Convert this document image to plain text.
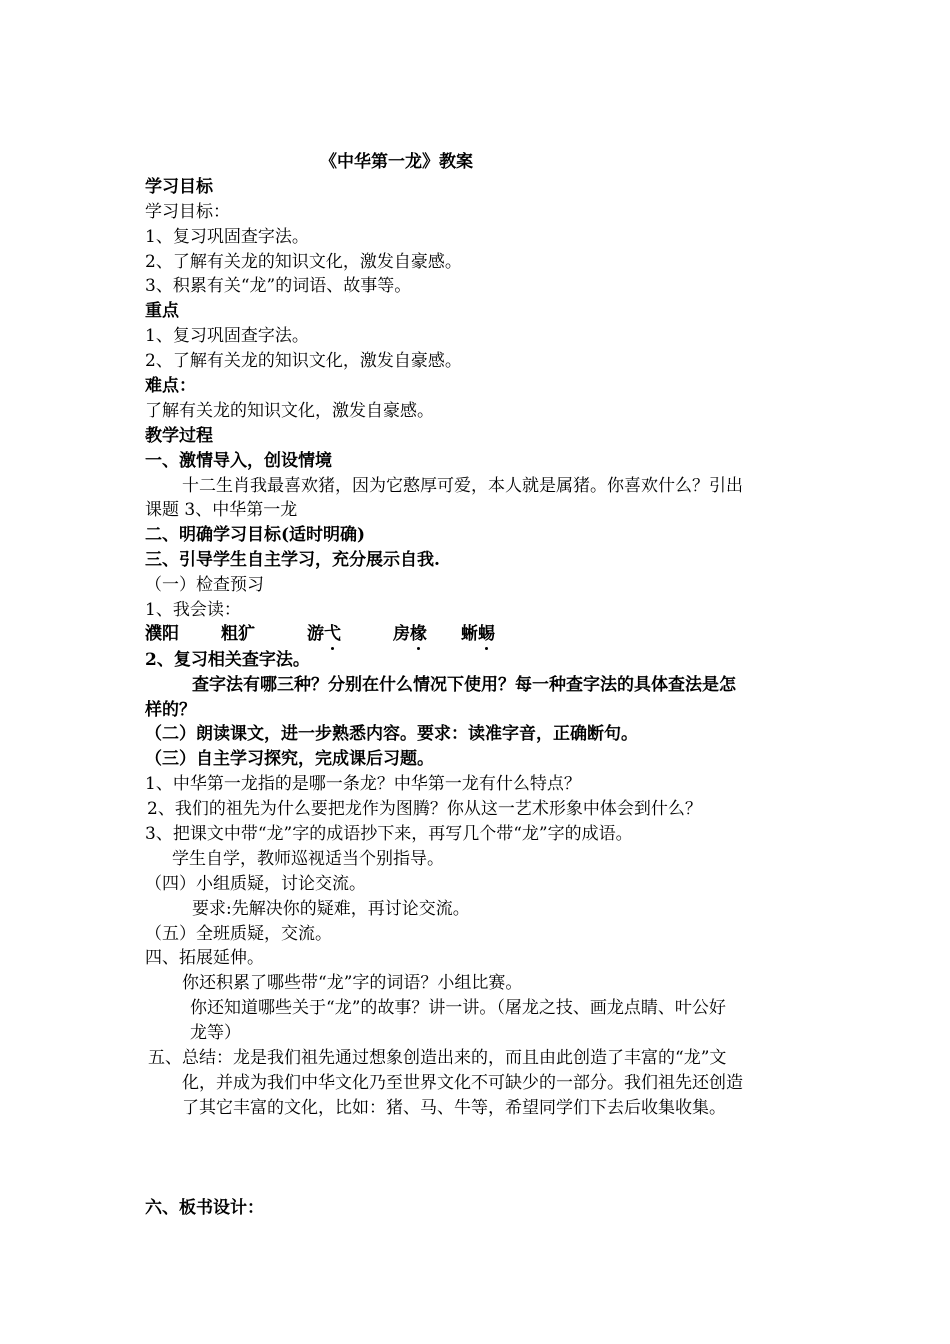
《中华第一龙》教案
学习目标
学习目标：
1、复习巩固查字法。
2、了解有关龙的知识文化，激发自豪感。
3、积累有关“龙”的词语、故事等。
重点
1、复习巩固查字法。
2、了解有关龙的知识文化，激发自豪感。
难点：
了解有关龙的知识文化，激发自豪感。
教学过程
一、激情导入，创设情境
十二生肖我最喜欢猪，因为它憨厚可爱，本人就是属猪。你喜欢什么？引出
课题 3、中华第一龙
二、明确学习目标(适时明确)
三、引导学生自主学习，充分展示自我.
（一）检查预习
1、我会读：
濮阳 粗犷	游弋	房椽 蜥蜴
2、复习相关查字法。
查字法有哪三种？分别在什么情况下使用？每一种查字法的具体查法是怎
样的？
（二）朗读课文，进一步熟悉内容。要求：读准字音，正确断句。
（三）自主学习探究，完成课后习题。
1、中华第一龙指的是哪一条龙？中华第一龙有什么特点？
2、我们的祖先为什么要把龙作为图腾？你从这一艺术形象中体会到什么？
3、把课文中带“龙”字的成语抄下来，再写几个带“龙”字的成语。
学生自学，教师巡视适当个别指导。
（四）小组质疑，讨论交流。
要求:先解决你的疑难，再讨论交流。
（五）全班质疑，交流。
四、拓展延伸。
你还积累了哪些带“龙”字的词语？小组比赛。
你还知道哪些关于“龙”的故事？讲一讲。（屠龙之技、画龙点睛、叶公好
龙等）
五、总结：龙是我们祖先通过想象创造出来的，而且由此创造了丰富的“龙”文
化，并成为我们中华文化乃至世界文化不可缺少的一部分。我们祖先还创造
了其它丰富的文化，比如：猪、马、牛等，希望同学们下去后收集收集。
六、板书设计：
